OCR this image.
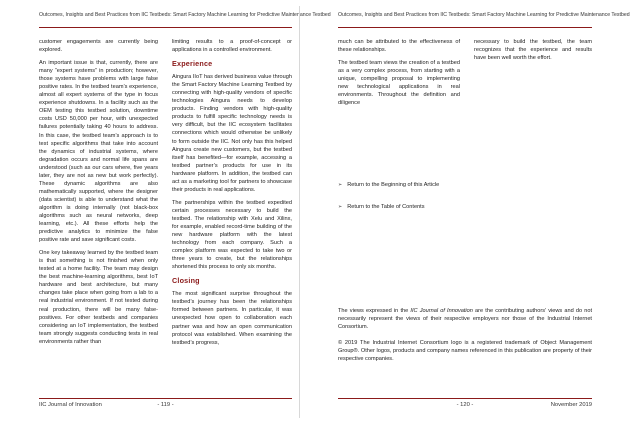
Outcomes, Insights and Best Practices from IIC Testbeds: Smart Factory Machine Learning for Predictive Maintenance Testbed

customer engagements are currently being explored.

An important issue is that, currently, there are many “expert systems” in production; however, those systems have problems with large false positive rates. In the testbed team’s experience, almost all expert systems of the type in focus experience shutdowns. In a facility such as the OEM testing this testbed solution, downtime costs USD 50,000 per hour, with unexpected failures potentially taking 40 hours to address. In this case, the testbed team’s approach is to test specific algorithms that take into account the dynamics of industrial systems, where degradation occurs and normal life spans are understood (such as our cars where, five years later, they are not as new but work perfectly). These dynamic algorithms are also mathematically supported, where the designer (data scientist) is able to understand what the algorithm is doing internally (not black-box algorithms such as neural networks, deep learning, etc.). All these efforts help the predictive analytics to minimize the false positive rate and save significant costs.

One key takeaway learned by the testbed team is that something is not finished when only tested at a home facility. The team may design the best machine-learning algorithms, best IoT hardware and best architecture, but many changes take place when going from a lab to a real industrial environment. If not tested during real production, there will be many false-positives. For other testbeds and companies considering an IoT implementation, the testbed team strongly suggests conducting tests in real environments rather than

limiting results to a proof-of-concept or applications in a controlled environment.

Experience

Aingura IIoT has derived business value through the Smart Factory Machine Learning Testbed by connecting with high-quality vendors of specific technologies Aingura needs to develop products. Finding vendors with high-quality products to fulfill specific technology needs is very difficult, but the IIC ecosystem facilitates connections which would otherwise be unlikely to form outside the IIC. Not only has this helped Aingura create new customers, but the testbed itself has benefited—for example, accessing a testbed partner’s products for use in its hardware platform. In addition, the testbed can act as a marketing tool for partners to showcase their products in real applications.

The partnerships within the testbed expedited certain processes necessary to build the testbed. The relationship with Xelu and Xilinx, for example, enabled record-time building of the new hardware platform with the latest technology from each company. Such a complex platform was expected to take two or three years to create, but the relationships shortened this process to only six months.

Closing

The most significant surprise throughout the testbed’s journey has been the relationships formed between partners. In particular, it was unexpected how open to collaboration each partner was and how an open communication protocol was established. When examining the testbed’s progress,

IIC Journal of Innovation	- 119 -
Outcomes, Insights and Best Practices from IIC Testbeds: Smart Factory Machine Learning for Predictive Maintenance Testbed

much can be attributed to the effectiveness of these relationships.

The testbed team views the creation of a testbed as a very complex process, from starting with a unique, compelling proposal to implementing new technological applications in real environments. Throughout the definition and diligence

necessary to build the testbed, the team recognizes that the experience and results have been well worth the effort.

➢ Return to the Beginning of this Article
➢ Return to the Table of Contents

The views expressed in the IIC Journal of Innovation are the contributing authors’ views and do not necessarily represent the views of their respective employers nor those of the Industrial Internet Consortium.

© 2019 The Industrial Internet Consortium logo is a registered trademark of Object Management Group®. Other logos, products and company names referenced in this publication are property of their respective companies.

- 120 -	November 2019
